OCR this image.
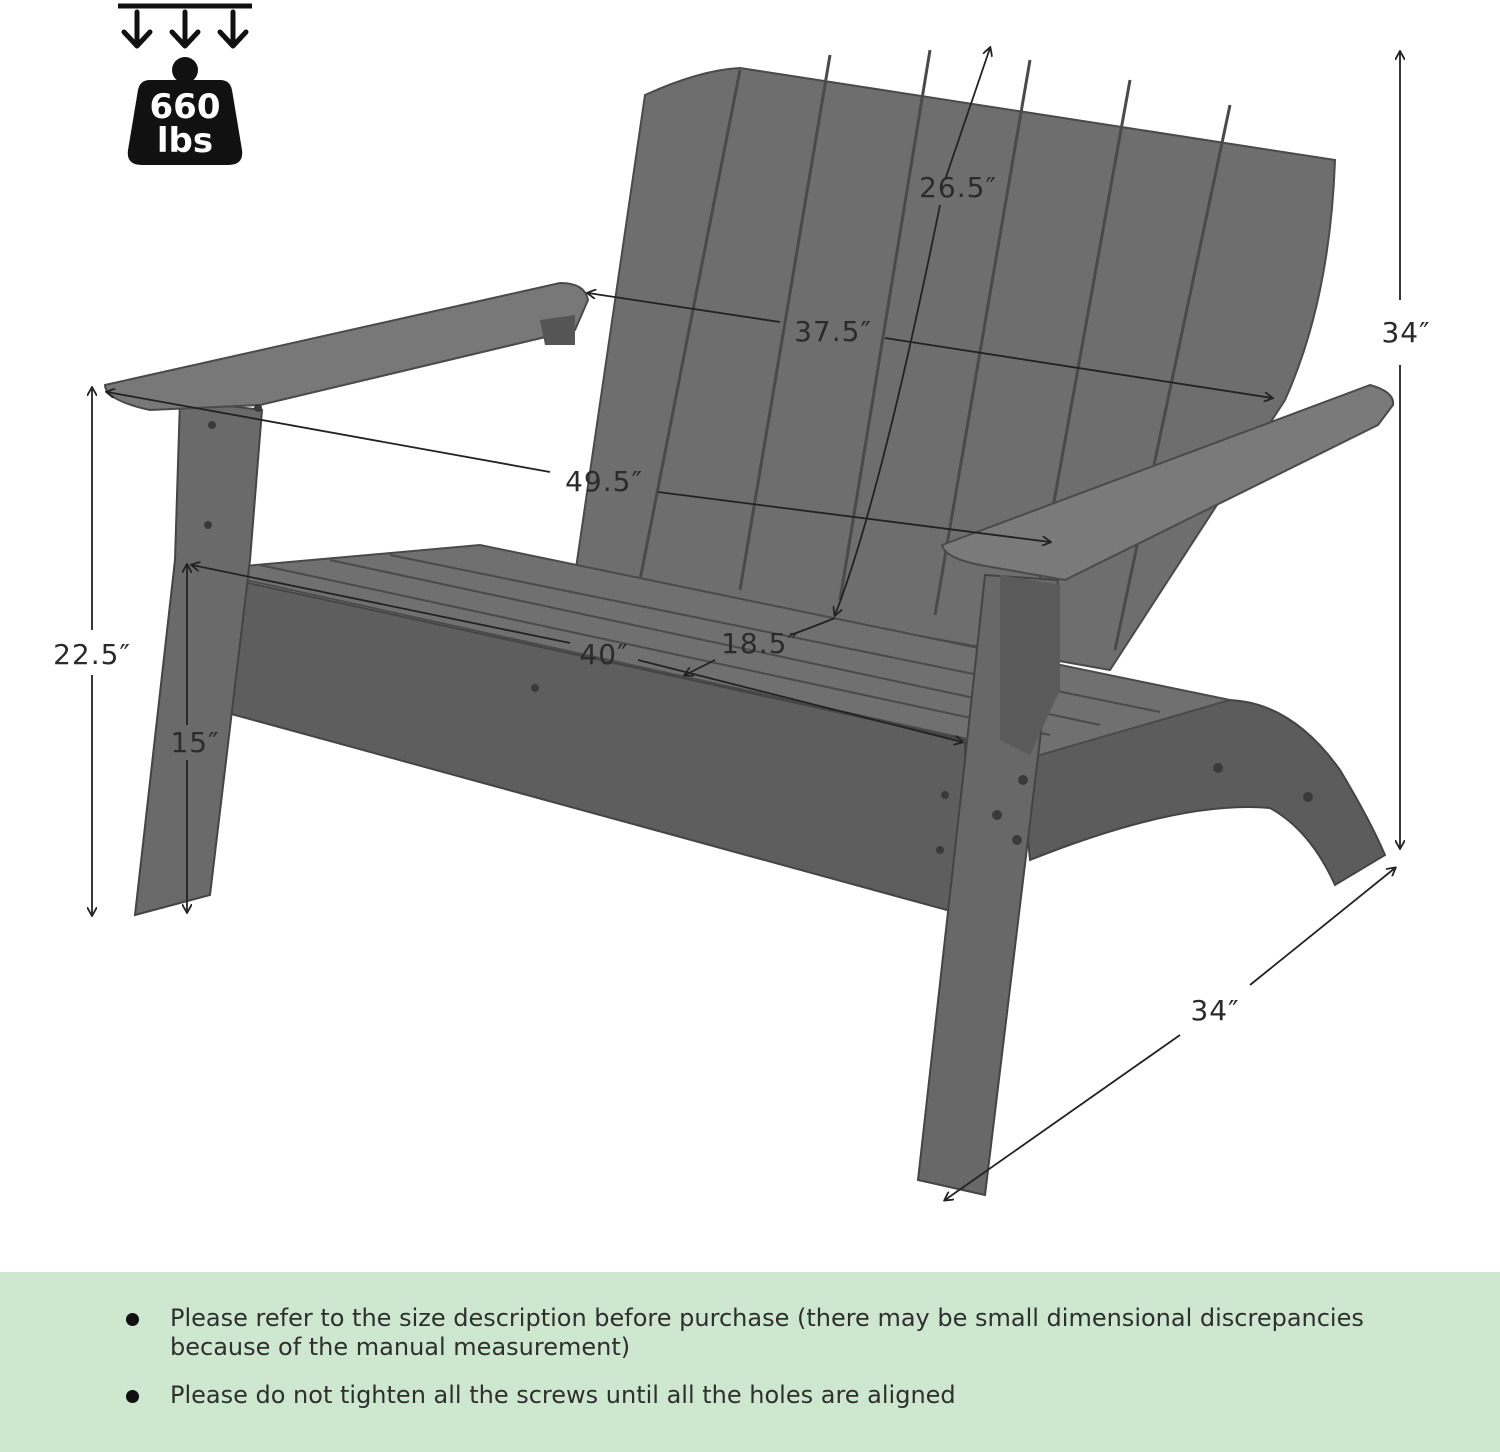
660
lbs
26.5″
37.5″	34″
49.5″
40″	18.5″
22.5″
15″
34″
Please refer to the size description before purchase (there may be small dimensional discrepancies because of the manual measurement)
Please do not tighten all the screws until all the holes are aligned
